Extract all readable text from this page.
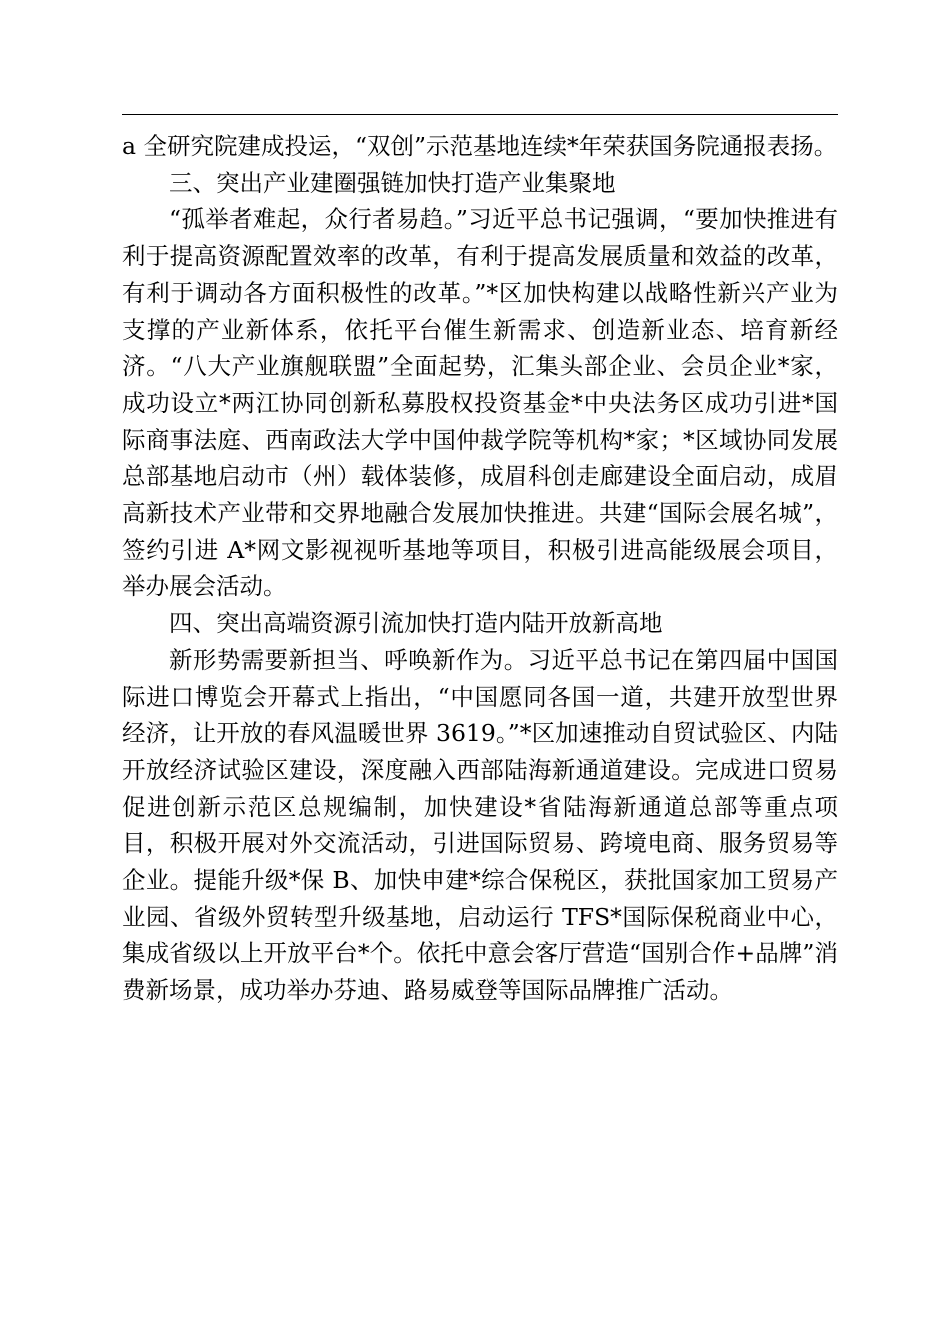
a 全研究院建成投运，“双创”示范基地连续*年荣获国务院通报表扬。

三、突出产业建圈强链加快打造产业集聚地

“孤举者难起，众行者易趋。”习近平总书记强调，“要加快推进有利于提高资源配置效率的改革，有利于提高发展质量和效益的改革，有利于调动各方面积极性的改革。”*区加快构建以战略性新兴产业为支撑的产业新体系，依托平台催生新需求、创造新业态、培育新经济。“八大产业旗舰联盟”全面起势，汇集头部企业、会员企业*家，成功设立*两江协同创新私募股权投资基金*中央法务区成功引进*国际商事法庭、西南政法大学中国仲裁学院等机构*家；*区域协同发展总部基地启动市（州）载体装修，成眉科创走廊建设全面启动，成眉高新技术产业带和交界地融合发展加快推进。共建“国际会展名城”，签约引进 A*网文影视视听基地等项目，积极引进高能级展会项目，举办展会活动。

四、突出高端资源引流加快打造内陆开放新高地

新形势需要新担当、呼唤新作为。习近平总书记在第四届中国国际进口博览会开幕式上指出，“中国愿同各国一道，共建开放型世界经济，让开放的春风温暖世界 3619。”*区加速推动自贸试验区、内陆开放经济试验区建设，深度融入西部陆海新通道建设。完成进口贸易促进创新示范区总规编制，加快建设*省陆海新通道总部等重点项目，积极开展对外交流活动，引进国际贸易、跨境电商、服务贸易等企业。提能升级*保 B、加快申建*综合保税区，获批国家加工贸易产业园、省级外贸转型升级基地，启动运行 TFS*国际保税商业中心，集成省级以上开放平台*个。依托中意会客厅营造“国别合作+品牌”消费新场景，成功举办芬迪、路易威登等国际品牌推广活动。
